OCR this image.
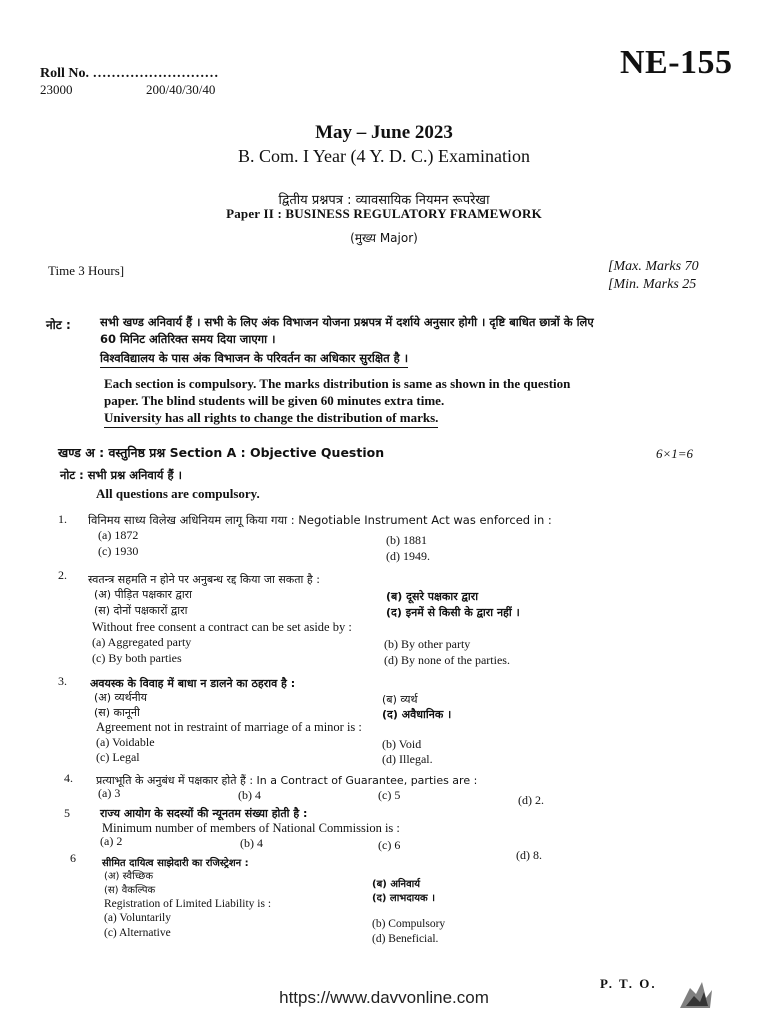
Roll No. ………………………
23000	200/40/30/40
NE-155
May – June 2023
B. Com. I Year (4 Y. D. C.) Examination
द्वितीय प्रश्नपत्र : व्यावसायिक नियमन रूपरेखा
Paper II : BUSINESS REGULATORY FRAMEWORK
(मुख्य Major)
Time 3 Hours]	[Max. Marks 70
[Min. Marks 25
नोट :	सभी खण्ड अनिवार्य हैं । सभी के लिए अंक विभाजन योजना प्रश्नपत्र में दर्शाये अनुसार होगी । दृष्टि बाधित छात्रों के लिए
60 मिनिट अतिरिक्त समय दिया जाएगा ।
विश्वविद्यालय के पास अंक विभाजन के परिवर्तन का अधिकार सुरक्षित है ।
Each section is compulsory. The marks distribution is same as shown in the question
paper. The blind students will be given 60 minutes extra time.
University has all rights to change the distribution of marks.
खण्ड अ : वस्तुनिष्ठ प्रश्न Section A : Objective Question	6×1=6
नोट : सभी प्रश्न अनिवार्य हैं ।
All questions are compulsory.
1. विनिमय साध्य विलेख अधिनियम लागू किया गया : Negotiable Instrument Act was enforced in :
(a) 1872	(b) 1881
(c) 1930	(d) 1949.
2. स्वतन्त्र सहमति न होने पर अनुबन्ध रद्द किया जा सकता है :
(अ) पीड़ित पक्षकार द्वारा	(ब) दूसरे पक्षकार द्वारा
(स) दोनों पक्षकारों द्वारा	(द) इनमें से किसी के द्वारा नहीं ।
Without free consent a contract can be set aside by :
(a) Aggregated party	(b) By other party
(c) By both parties	(d) By none of the parties.
3. अवयस्क के विवाह में बाधा न डालने का ठहराव है :
(अ) व्यर्थनीय	(ब) व्यर्थ
(स) कानूनी	(द) अवैधानिक ।
Agreement not in restraint of marriage of a minor is :
(a) Voidable	(b) Void
(c) Legal	(d) Illegal.
4. प्रत्याभूति के अनुबंध में पक्षकार होते हैं : In a Contract of Guarantee, parties are :
(a) 3	(b) 4	(c) 5	(d) 2.
5	राज्य आयोग के सदस्यों की न्यूनतम संख्या होती है :
Minimum number of members of National Commission is :
(a) 2	(b) 4	(c) 6
(d) 8.
6	सीमित दायित्व साझेदारी का रजिस्ट्रेशन :
(अ) स्वैच्छिक
(ब) अनिवार्य
(स) वैकल्पिक
(द) लाभदायक ।
Registration of Limited Liability is :
(a) Voluntarily	(b) Compulsory
(c) Alternative	(d) Beneficial.
P. T. O.
https://www.davvonline.com
